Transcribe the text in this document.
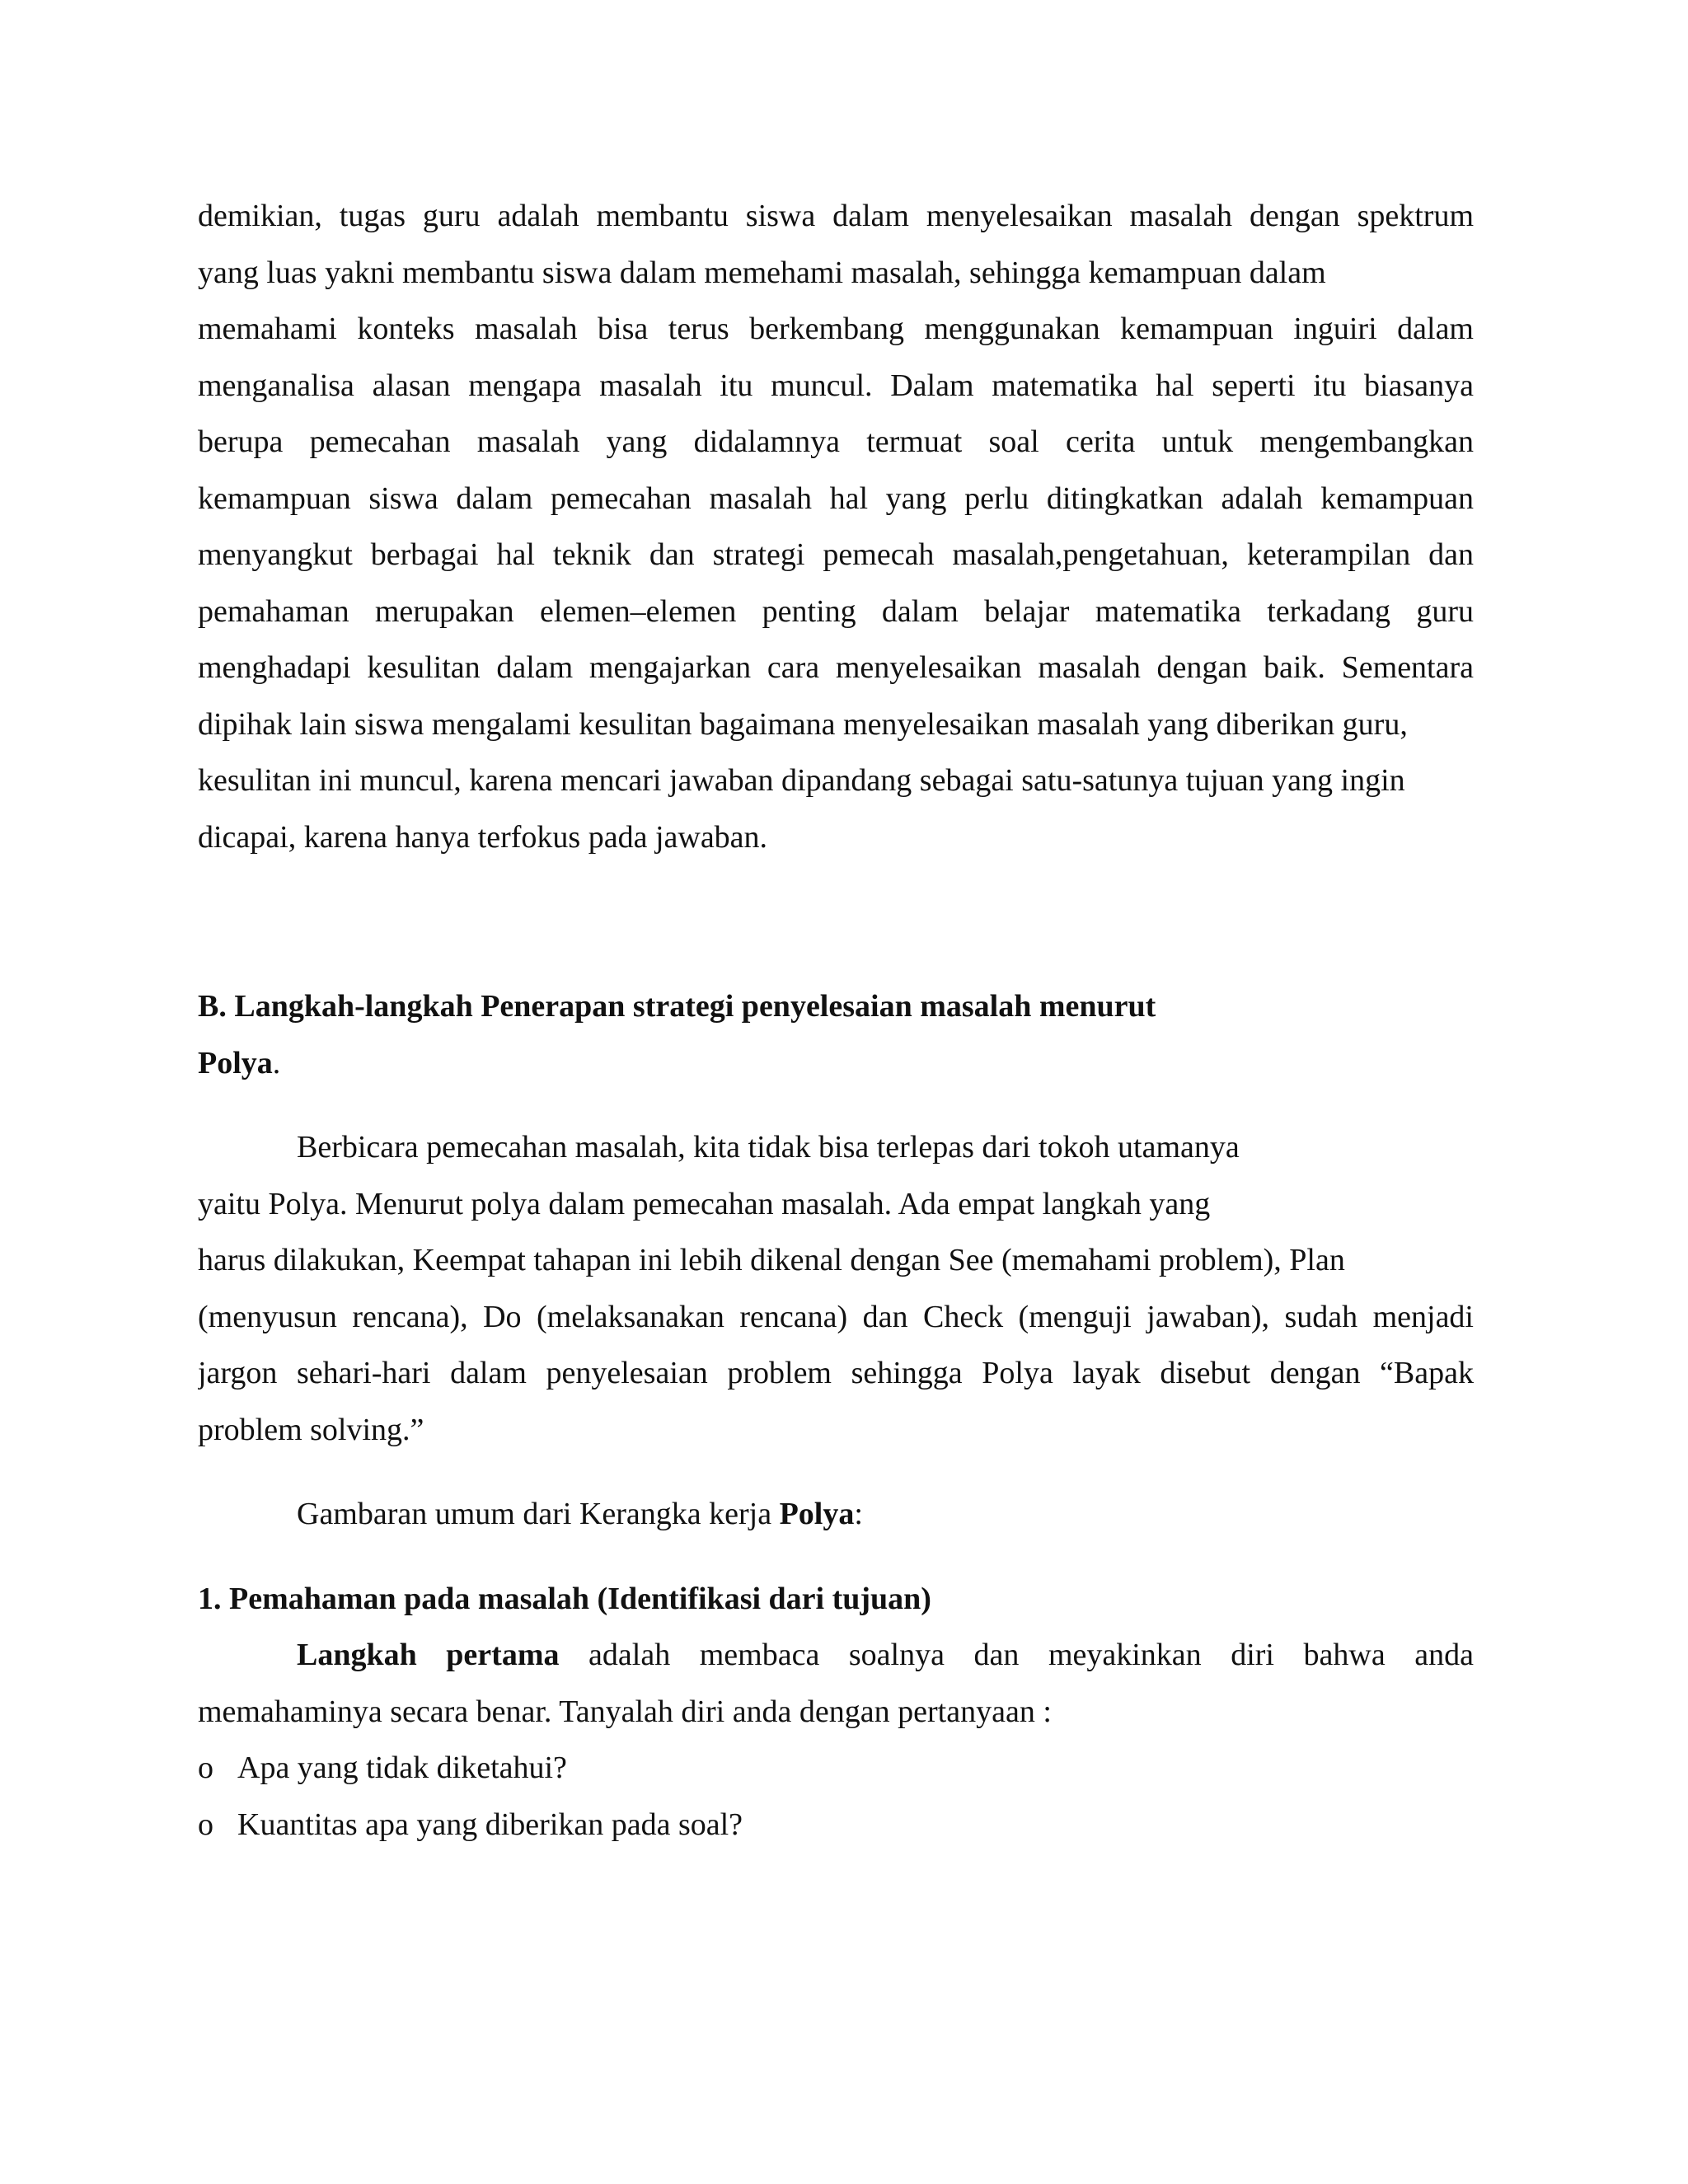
demikian, tugas guru adalah membantu siswa dalam menyelesaikan masalah dengan spektrum
yang luas yakni membantu siswa dalam memehami masalah, sehingga kemampuan dalam
memahami konteks masalah bisa terus berkembang menggunakan kemampuan inguiri dalam
menganalisa alasan mengapa masalah itu muncul. Dalam matematika hal seperti itu biasanya
berupa pemecahan masalah yang didalamnya termuat soal cerita untuk mengembangkan
kemampuan siswa dalam pemecahan masalah hal yang perlu ditingkatkan adalah kemampuan
menyangkut berbagai hal teknik dan strategi pemecah masalah,pengetahuan, keterampilan dan
pemahaman merupakan elemen–elemen penting dalam belajar matematika terkadang guru
menghadapi kesulitan dalam mengajarkan cara menyelesaikan masalah dengan baik. Sementara
dipihak lain siswa mengalami kesulitan bagaimana menyelesaikan masalah yang diberikan guru,
kesulitan ini muncul, karena mencari jawaban dipandang sebagai satu-satunya tujuan yang ingin
dicapai, karena hanya terfokus pada jawaban.
B. Langkah-langkah Penerapan strategi penyelesaian masalah menurut
Polya.
Berbicara pemecahan masalah, kita tidak bisa terlepas dari tokoh utamanya
yaitu Polya. Menurut polya dalam pemecahan masalah. Ada empat langkah yang
harus dilakukan, Keempat tahapan ini lebih dikenal dengan See (memahami problem), Plan
(menyusun rencana), Do (melaksanakan rencana) dan Check (menguji jawaban), sudah menjadi
jargon sehari-hari dalam penyelesaian problem sehingga Polya layak disebut dengan “Bapak
problem solving.”
Gambaran umum dari Kerangka kerja Polya:
1. Pemahaman pada masalah (Identifikasi dari tujuan)
Langkah pertama adalah membaca soalnya dan meyakinkan diri bahwa anda
memahaminya secara benar. Tanyalah diri anda dengan pertanyaan :
o Apa yang tidak diketahui?
o Kuantitas apa yang diberikan pada soal?
